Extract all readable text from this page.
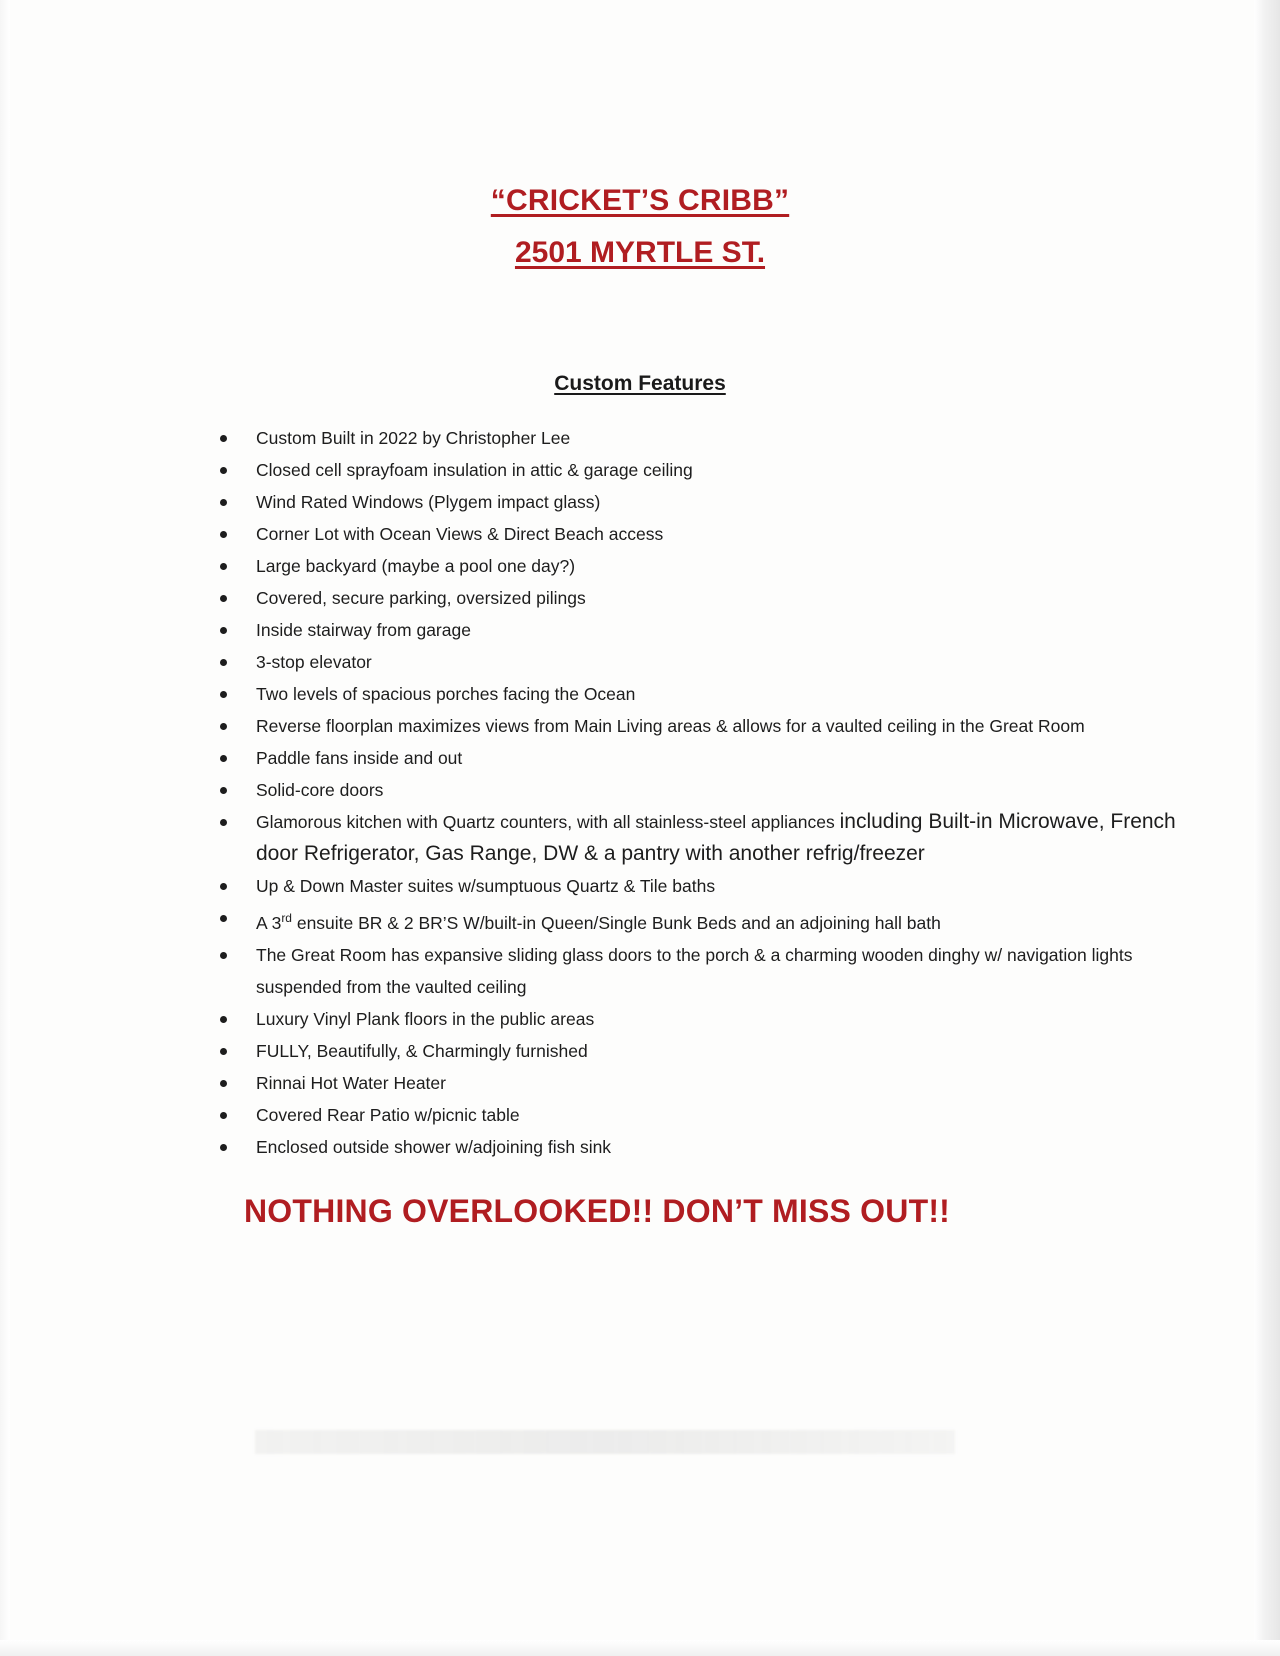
“CRICKET’S CRIBB”
2501 MYRTLE ST.
Custom Features
Custom Built in 2022 by Christopher Lee
Closed cell sprayfoam insulation in attic & garage ceiling
Wind Rated Windows (Plygem impact glass)
Corner Lot with Ocean Views & Direct Beach access
Large backyard (maybe a pool one day?)
Covered, secure parking, oversized pilings
Inside stairway from garage
3-stop elevator
Two levels of spacious porches facing the Ocean
Reverse floorplan maximizes views from Main Living areas & allows for a vaulted ceiling in the Great Room
Paddle fans inside and out
Solid-core doors
Glamorous kitchen with Quartz counters, with all stainless-steel appliances including Built-in Microwave, French door Refrigerator, Gas Range, DW & a pantry with another refrig/freezer
Up & Down Master suites w/sumptuous Quartz & Tile baths
A 3rd ensuite BR & 2 BR’S W/built-in Queen/Single Bunk Beds and an adjoining hall bath
The Great Room has expansive sliding glass doors to the porch & a charming wooden dinghy w/ navigation lights suspended from the vaulted ceiling
Luxury Vinyl Plank floors in the public areas
FULLY, Beautifully, & Charmingly furnished
Rinnai Hot Water Heater
Covered Rear Patio w/picnic table
Enclosed outside shower w/adjoining fish sink
NOTHING OVERLOOKED!! DON’T MISS OUT!!
